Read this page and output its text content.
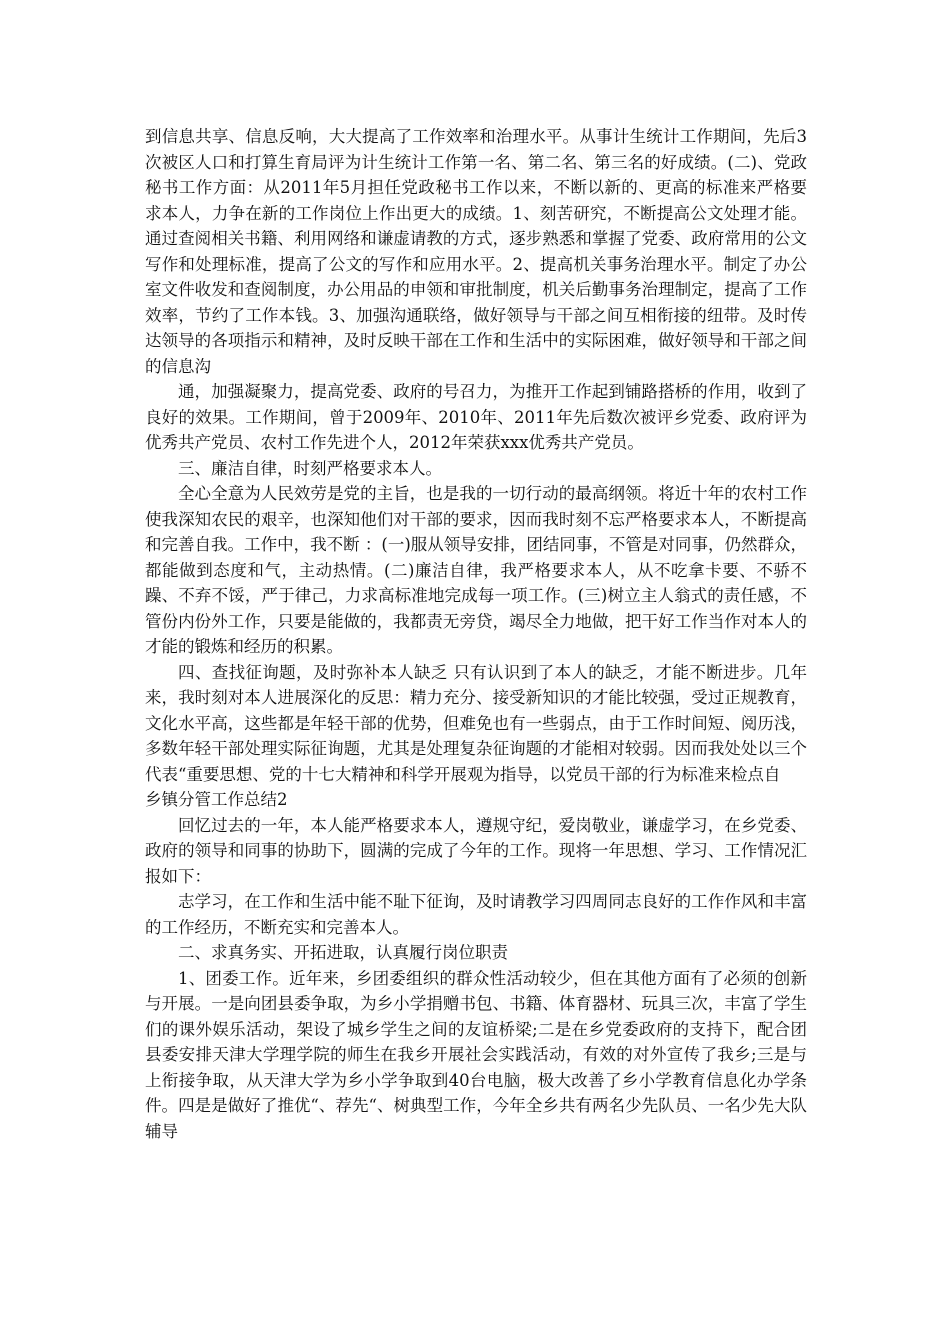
到信息共享、信息反响，大大提高了工作效率和治理水平。从事计生统计工作期间，先后3次被区人口和打算生育局评为计生统计工作第一名、第二名、第三名的好成绩。(二)、党政秘书工作方面：从2011年5月担任党政秘书工作以来，不断以新的、更高的标准来严格要求本人，力争在新的工作岗位上作出更大的成绩。1、刻苦研究，不断提高公文处理才能。通过查阅相关书籍、利用网络和谦虚请教的方式，逐步熟悉和掌握了党委、政府常用的公文写作和处理标准，提高了公文的写作和应用水平。2、提高机关事务治理水平。制定了办公室文件收发和查阅制度，办公用品的申领和审批制度，机关后勤事务治理制定，提高了工作效率，节约了工作本钱。3、加强沟通联络，做好领导与干部之间互相衔接的纽带。及时传达领导的各项指示和精神，及时反映干部在工作和生活中的实际困难，做好领导和干部之间的信息沟

通，加强凝聚力，提高党委、政府的号召力，为推开工作起到铺路搭桥的作用，收到了良好的效果。工作期间，曾于2009年、2010年、2011年先后数次被评乡党委、政府评为优秀共产党员、农村工作先进个人，2012年荣获xxx优秀共产党员。

三、廉洁自律，时刻严格要求本人。

全心全意为人民效劳是党的主旨，也是我的一切行动的最高纲领。将近十年的农村工作使我深知农民的艰辛，也深知他们对干部的要求，因而我时刻不忘严格要求本人，不断提高和完善自我。工作中，我不断 ：(一)服从领导安排，团结同事，不管是对同事，仍然群众，都能做到态度和气，主动热情。(二)廉洁自律，我严格要求本人，从不吃拿卡要、不骄不躁、不弃不馁，严于律己，力求高标准地完成每一项工作。(三)树立主人翁式的责任感，不管份内份外工作，只要是能做的，我都责无旁贷，竭尽全力地做，把干好工作当作对本人的才能的锻炼和经历的积累。

四、查找征询题，及时弥补本人缺乏 只有认识到了本人的缺乏，才能不断进步。几年来，我时刻对本人进展深化的反思：精力充分、接受新知识的才能比较强，受过正规教育，文化水平高，这些都是年轻干部的优势，但难免也有一些弱点，由于工作时间短、阅历浅，多数年轻干部处理实际征询题，尤其是处理复杂征询题的才能相对较弱。因而我处处以三个代表“重要思想、党的十七大精神和科学开展观为指导，以党员干部的行为标准来检点自

乡镇分管工作总结2

回忆过去的一年，本人能严格要求本人，遵规守纪，爱岗敬业，谦虚学习，在乡党委、政府的领导和同事的协助下，圆满的完成了今年的工作。现将一年思想、学习、工作情况汇报如下：

志学习，在工作和生活中能不耻下征询，及时请教学习四周同志良好的工作作风和丰富的工作经历，不断充实和完善本人。

二、求真务实、开拓进取，认真履行岗位职责

1、团委工作。近年来，乡团委组织的群众性活动较少，但在其他方面有了必须的创新与开展。一是向团县委争取，为乡小学捐赠书包、书籍、体育器材、玩具三次，丰富了学生们的课外娱乐活动，架设了城乡学生之间的友谊桥梁;二是在乡党委政府的支持下，配合团县委安排天津大学理学院的师生在我乡开展社会实践活动，有效的对外宣传了我乡;三是与上衔接争取，从天津大学为乡小学争取到40台电脑，极大改善了乡小学教育信息化办学条件。四是是做好了推优“、荐先“、树典型工作，今年全乡共有两名少先队员、一名少先大队辅导
